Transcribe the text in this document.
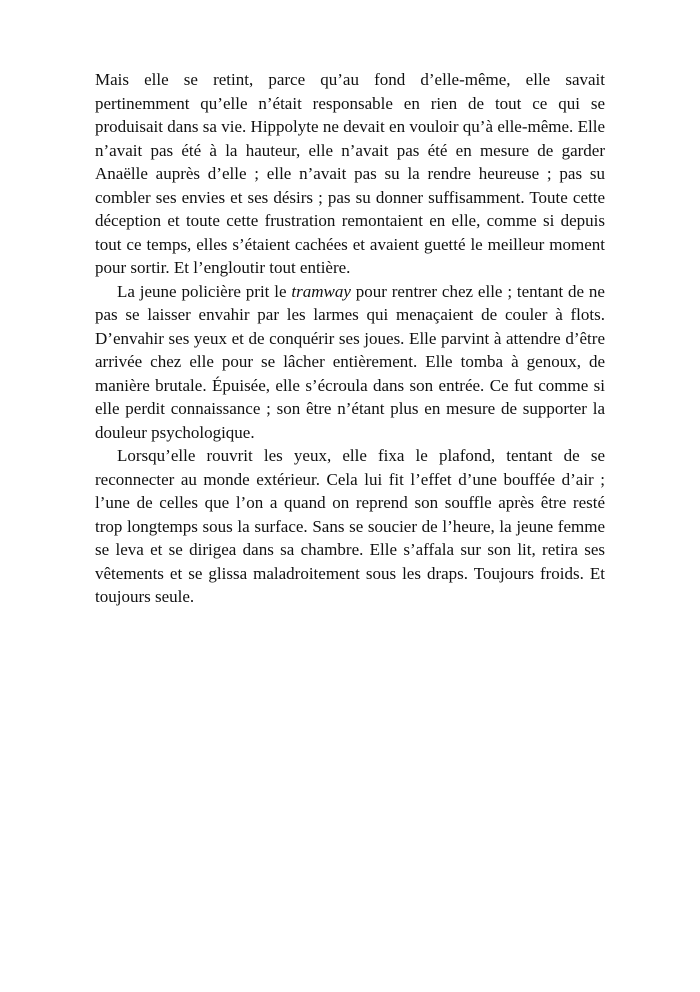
Mais elle se retint, parce qu’au fond d’elle-même, elle savait pertinemment qu’elle n’était responsable en rien de tout ce qui se produisait dans sa vie. Hippolyte ne devait en vouloir qu’à elle-même. Elle n’avait pas été à la hauteur, elle n’avait pas été en mesure de garder Anaëlle auprès d’elle ; elle n’avait pas su la rendre heureuse ; pas su combler ses envies et ses désirs ; pas su donner suffisamment. Toute cette déception et toute cette frustration remontaient en elle, comme si depuis tout ce temps, elles s’étaient cachées et avaient guetté le meilleur moment pour sortir. Et l’engloutir tout entière.

La jeune policière prit le tramway pour rentrer chez elle ; tentant de ne pas se laisser envahir par les larmes qui menaçaient de couler à flots. D’envahir ses yeux et de conquérir ses joues. Elle parvint à attendre d’être arrivée chez elle pour se lâcher entièrement. Elle tomba à genoux, de manière brutale. Épuisée, elle s’écroula dans son entrée. Ce fut comme si elle perdit connaissance ; son être n’étant plus en mesure de supporter la douleur psychologique.

Lorsqu’elle rouvrit les yeux, elle fixa le plafond, tentant de se reconnecter au monde extérieur. Cela lui fit l’effet d’une bouffée d’air ; l’une de celles que l’on a quand on reprend son souffle après être resté trop longtemps sous la surface. Sans se soucier de l’heure, la jeune femme se leva et se dirigea dans sa chambre. Elle s’affala sur son lit, retira ses vêtements et se glissa maladroitement sous les draps. Toujours froids. Et toujours seule.
